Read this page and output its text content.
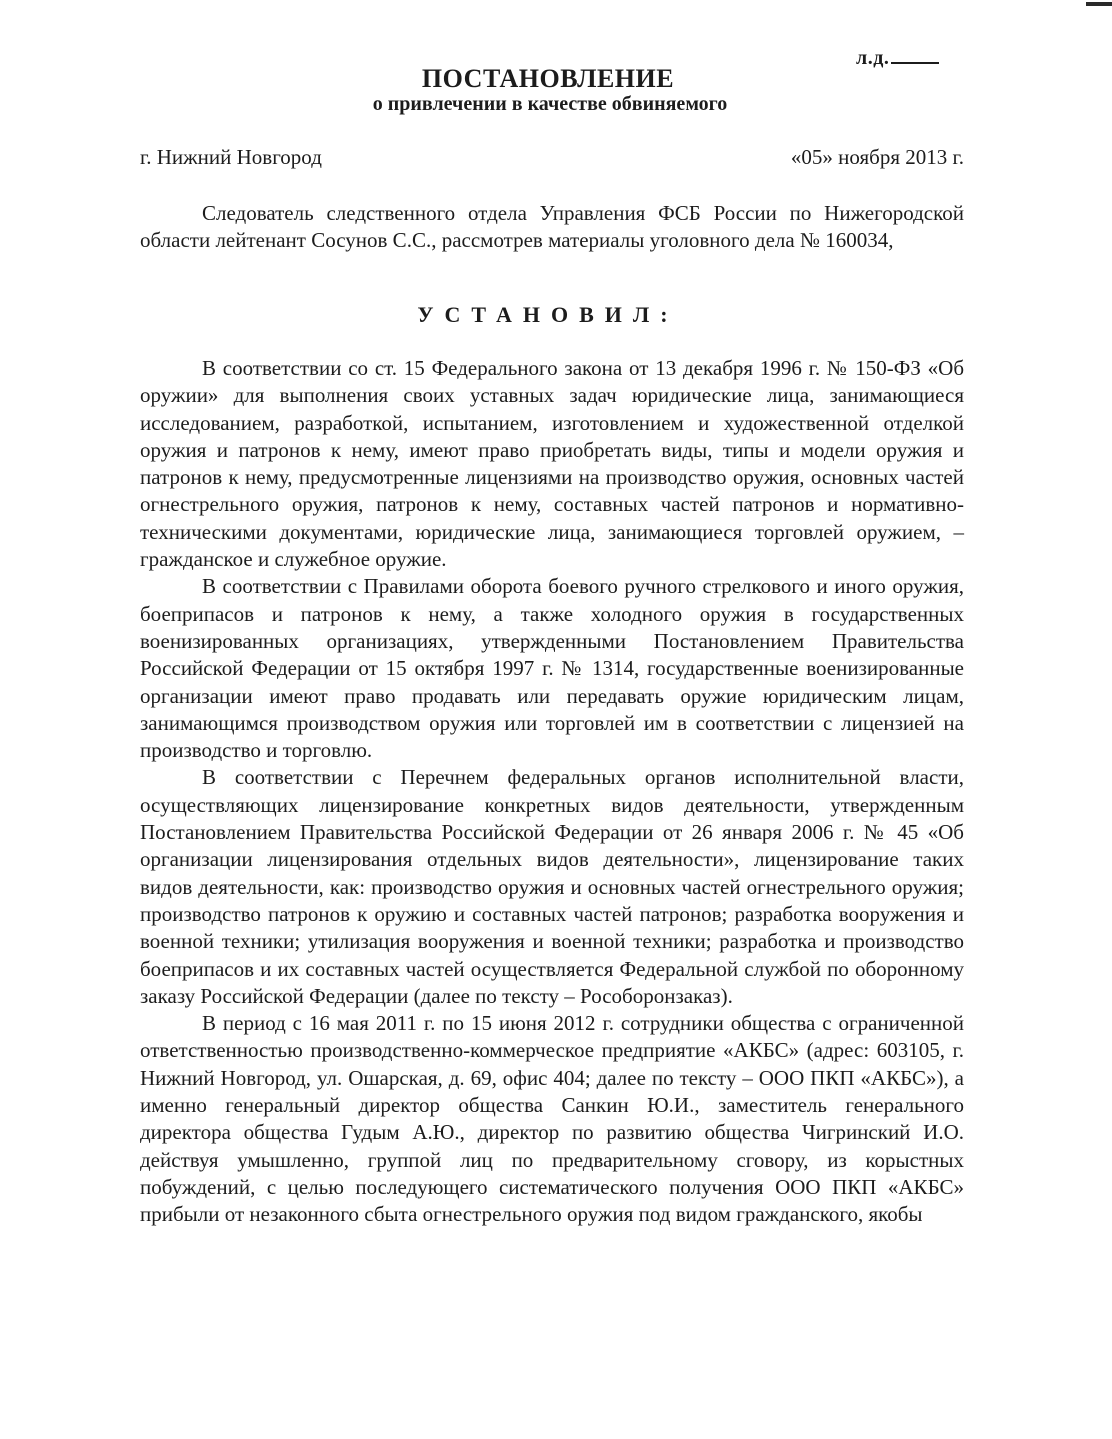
л.д.
ПОСТАНОВЛЕНИЕ
о привлечении в качестве обвиняемого
г. Нижний Новгород	«05» ноября 2013 г.

Следователь следственного отдела Управления ФСБ России по Нижегородской области лейтенант Сосунов С.С., рассмотрев материалы уголовного дела № 160034,

УСТАНОВИЛ:

В соответствии со ст. 15 Федерального закона от 13 декабря 1996 г. № 150-ФЗ «Об оружии» для выполнения своих уставных задач юридические лица, занимающиеся исследованием, разработкой, испытанием, изготовлением и художественной отделкой оружия и патронов к нему, имеют право приобретать виды, типы и модели оружия и патронов к нему, предусмотренные лицензиями на производство оружия, основных частей огнестрельного оружия, патронов к нему, составных частей патронов и нормативно-техническими документами, юридические лица, занимающиеся торговлей оружием, – гражданское и служебное оружие.

В соответствии с Правилами оборота боевого ручного стрелкового и иного оружия, боеприпасов и патронов к нему, а также холодного оружия в государственных военизированных организациях, утвержденными Постановлением Правительства Российской Федерации от 15 октября 1997 г. № 1314, государственные военизированные организации имеют право продавать или передавать оружие юридическим лицам, занимающимся производством оружия или торговлей им в соответствии с лицензией на производство и торговлю.

В соответствии с Перечнем федеральных органов исполнительной власти, осуществляющих лицензирование конкретных видов деятельности, утвержденным Постановлением Правительства Российской Федерации от 26 января 2006 г. № 45 «Об организации лицензирования отдельных видов деятельности», лицензирование таких видов деятельности, как: производство оружия и основных частей огнестрельного оружия; производство патронов к оружию и составных частей патронов; разработка вооружения и военной техники; утилизация вооружения и военной техники; разработка и производство боеприпасов и их составных частей осуществляется Федеральной службой по оборонному заказу Российской Федерации (далее по тексту – Рособоронзаказ).

В период с 16 мая 2011 г. по 15 июня 2012 г. сотрудники общества с ограниченной ответственностью производственно-коммерческое предприятие «АКБС» (адрес: 603105, г. Нижний Новгород, ул. Ошарская, д. 69, офис 404; далее по тексту – ООО ПКП «АКБС»), а именно генеральный директор общества Санкин Ю.И., заместитель генерального директора общества Гудым А.Ю., директор по развитию общества Чигринский И.О. действуя умышленно, группой лиц по предварительному сговору, из корыстных побуждений, с целью последующего систематического получения ООО ПКП «АКБС» прибыли от незаконного сбыта огнестрельного оружия под видом гражданского, якобы
